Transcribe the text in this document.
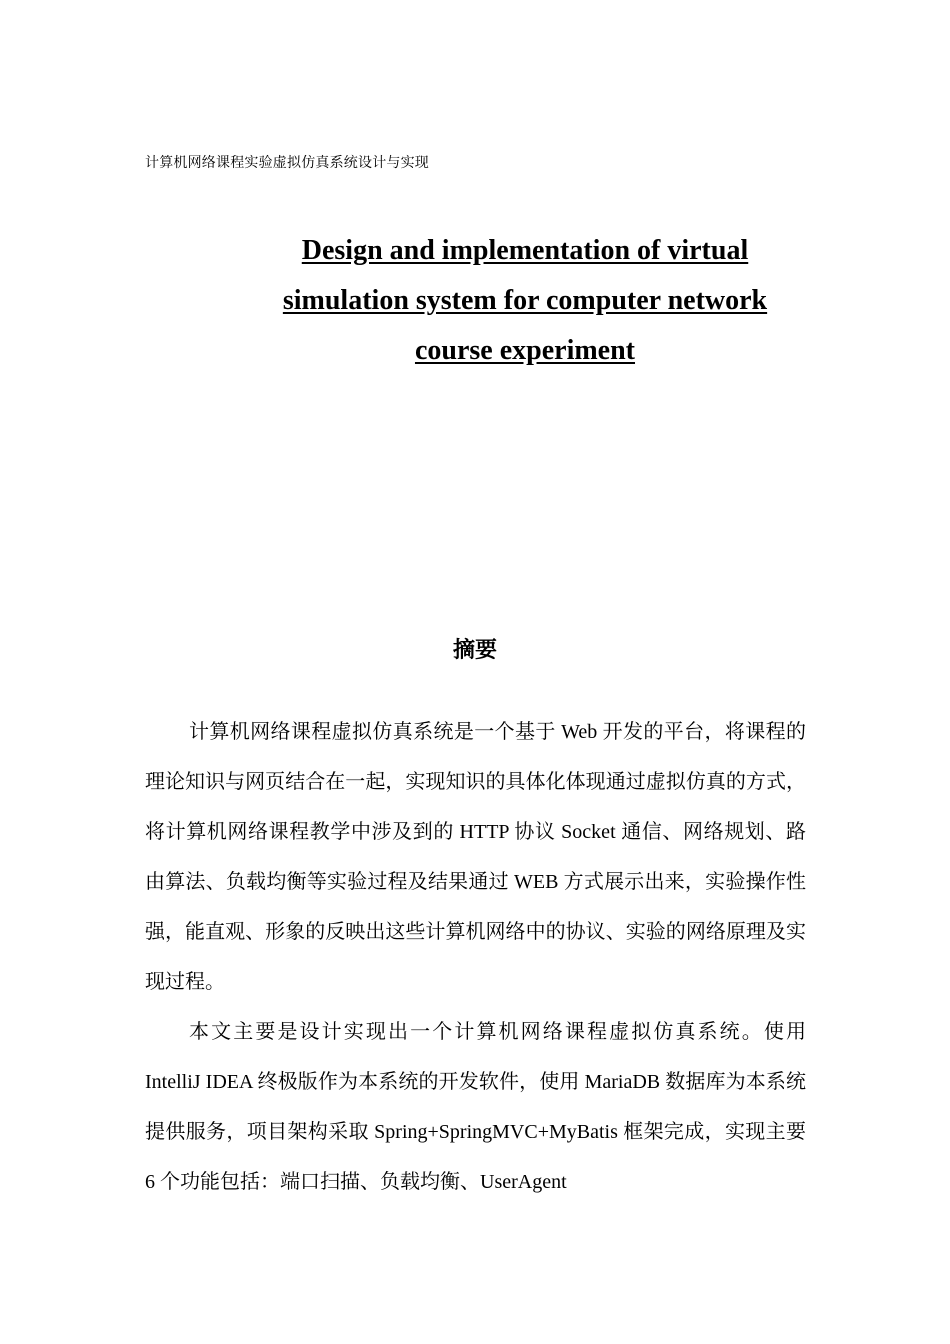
计算机网络课程实验虚拟仿真系统设计与实现
Design and implementation of virtual simulation system for computer network course experiment
摘要

计算机网络课程虚拟仿真系统是一个基于 Web 开发的平台，将课程的理论知识与网页结合在一起，实现知识的具体化体现通过虚拟仿真的方式，将计算机网络课程教学中涉及到的 HTTP 协议 Socket 通信、网络规划、路由算法、负载均衡等实验过程及结果通过 WEB 方式展示出来，实验操作性强，能直观、形象的反映出这些计算机网络中的协议、实验的网络原理及实现过程。

本文主要是设计实现出一个计算机网络课程虚拟仿真系统。使用 IntelliJ IDEA 终极版作为本系统的开发软件，使用 MariaDB 数据库为本系统提供服务，项目架构采取 Spring+SpringMVC+MyBatis 框架完成，实现主要 6 个功能包括：端口扫描、负载均衡、UserAgent
